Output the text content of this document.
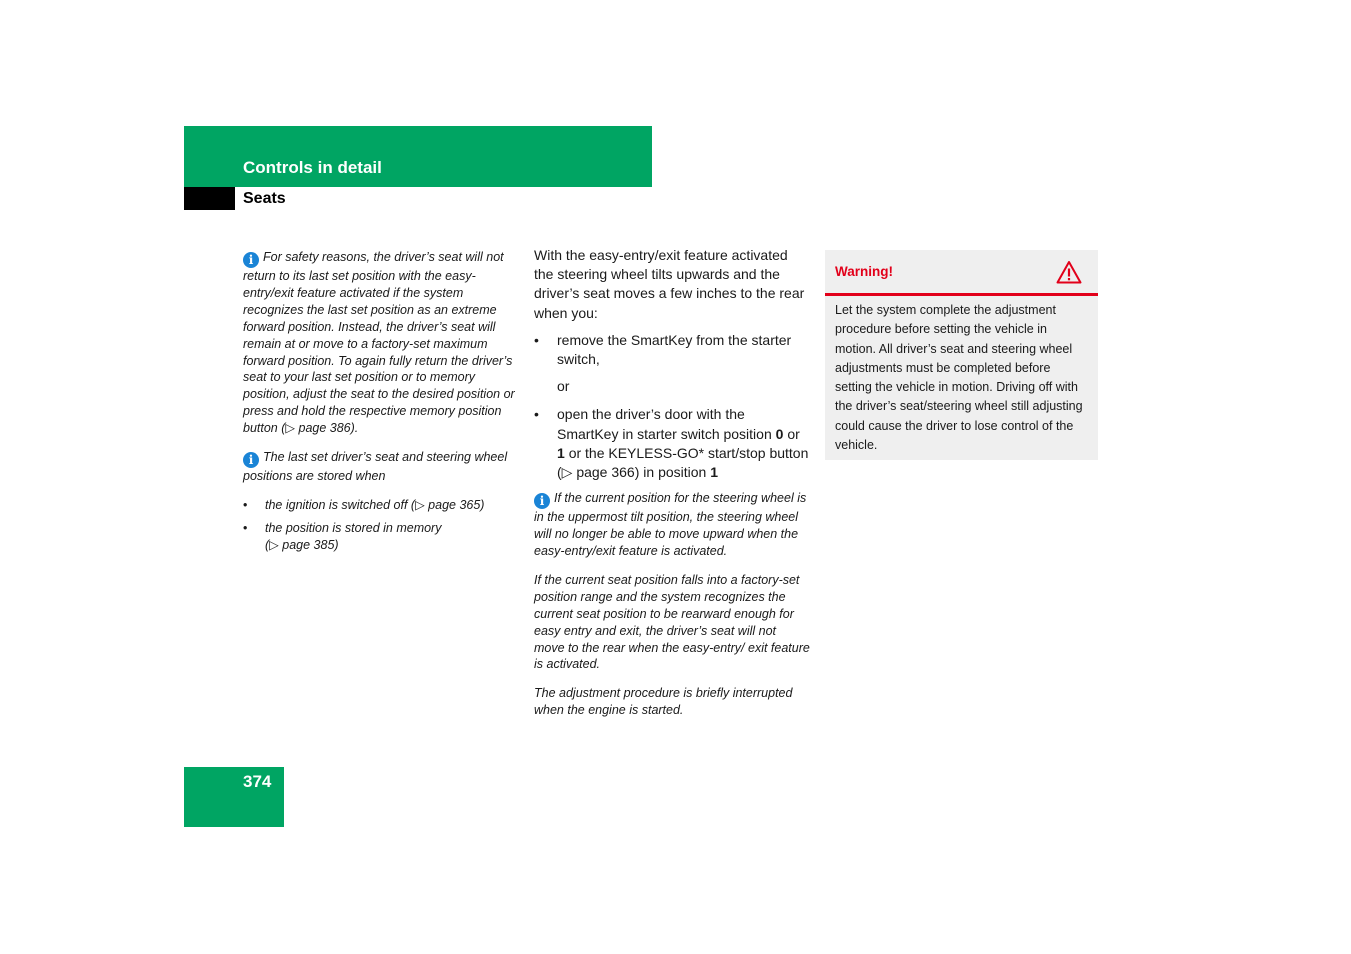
Controls in detail
Seats

i For safety reasons, the driver’s seat will not return to its last set position with the easy-entry/exit feature activated if the system recognizes the last set position as an extreme forward position. Instead, the driver’s seat will remain at or move to a factory-set maximum forward position. To again fully return the driver’s seat to your last set position or to memory position, adjust the seat to the desired position or press and hold the respective memory position button ( ▷ page 386).

i The last set driver’s seat and steering wheel positions are stored when

• the ignition is switched off ( ▷ page 365)
• the position is stored in memory
( ▷ page 385)

With the easy-entry/exit feature activated the steering wheel tilts upwards and the driver’s seat moves a few inches to the rear when you:

• remove the SmartKey from the starter switch,

or

• open the driver’s door with the SmartKey in starter switch position 0 or 1 or the KEYLESS-GO* start/stop button ( ▷ page 366) in position 1

i If the current position for the steering wheel is in the uppermost tilt position, the steering wheel will no longer be able to move upward when the easy-entry/exit feature is activated.

If the current seat position falls into a factory-set position range and the system recognizes the current seat position to be rearward enough for easy entry and exit, the driver’s seat will not move to the rear when the easy-entry/ exit feature is activated.

The adjustment procedure is briefly interrupted when the engine is started.

Warning!
Let the system complete the adjustment procedure before setting the vehicle in motion. All driver’s seat and steering wheel adjustments must be completed before setting the vehicle in motion. Driving off with the driver’s seat/steering wheel still adjusting could cause the driver to lose control of the vehicle.
374
